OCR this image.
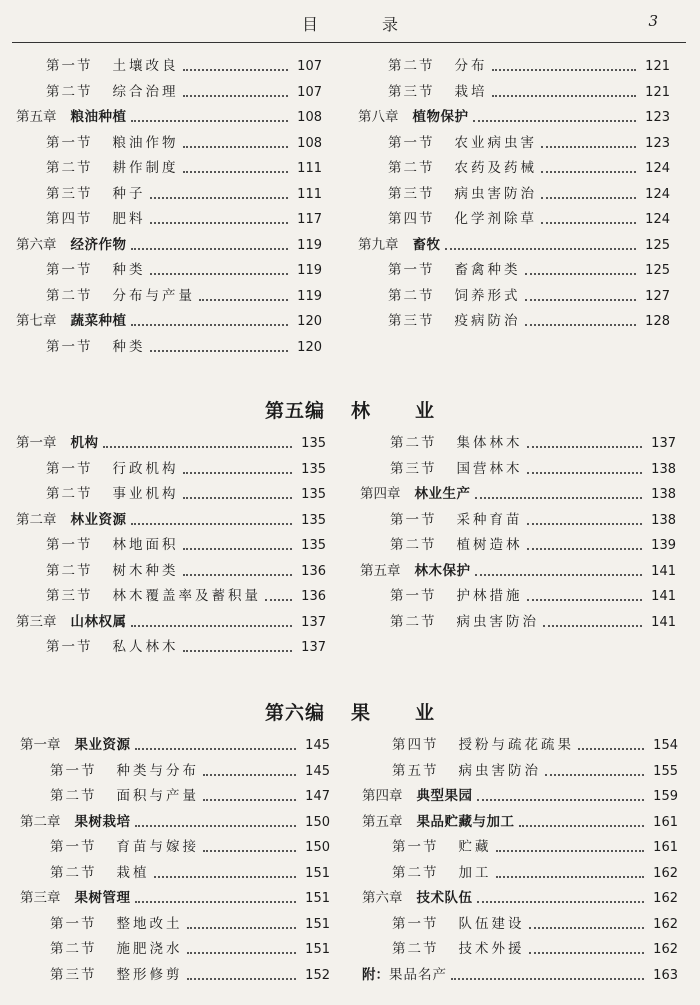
目　录	3
第五编 林 业
第六编 果 业
第一节 土壤改良	107
第二节 综合治理	107
第五章 粮油种植	108
第一节 粮油作物	108
第二节 耕作制度	111
第三节 种子	111
第四节 肥料	117
第六章 经济作物	119
第一节 种类	119
第二节 分布与产量	119
第七章 蔬菜种植	120
第一节 种类	120
第二节 分布	121
第三节 栽培	121
第八章 植物保护	123
第一节 农业病虫害	123
第二节 农药及药械	124
第三节 病虫害防治	124
第四节 化学剂除草	124
第九章 畜牧	125
第一节 畜禽种类	125
第二节 饲养形式	127
第三节 疫病防治	128
第一章 机构	135
第一节 行政机构	135
第二节 事业机构	135
第二章 林业资源	135
第一节 林地面积	135
第二节 树木种类	136
第三节 林木覆盖率及蓄积量	136
第三章 山林权属	137
第一节 私人林木	137
第二节 集体林木	137
第三节 国营林木	138
第四章 林业生产	138
第一节 采种育苗	138
第二节 植树造林	139
第五章 林木保护	141
第一节 护林措施	141
第二节 病虫害防治	141
第一章 果业资源	145
第一节 种类与分布	145
第二节 面积与产量	147
第二章 果树栽培	150
第一节 育苗与嫁接	150
第二节 栽植	151
第三章 果树管理	151
第一节 整地改土	151
第二节 施肥浇水	151
第三节 整形修剪	152
第四节 授粉与疏花疏果	154
第五节 病虫害防治	155
第四章 典型果园	159
第五章 果品贮藏与加工	161
第一节 贮藏	161
第二节 加工	162
第六章 技术队伍	162
第一节 队伍建设	162
第二节 技术外援	162
附： 果品名产	163
